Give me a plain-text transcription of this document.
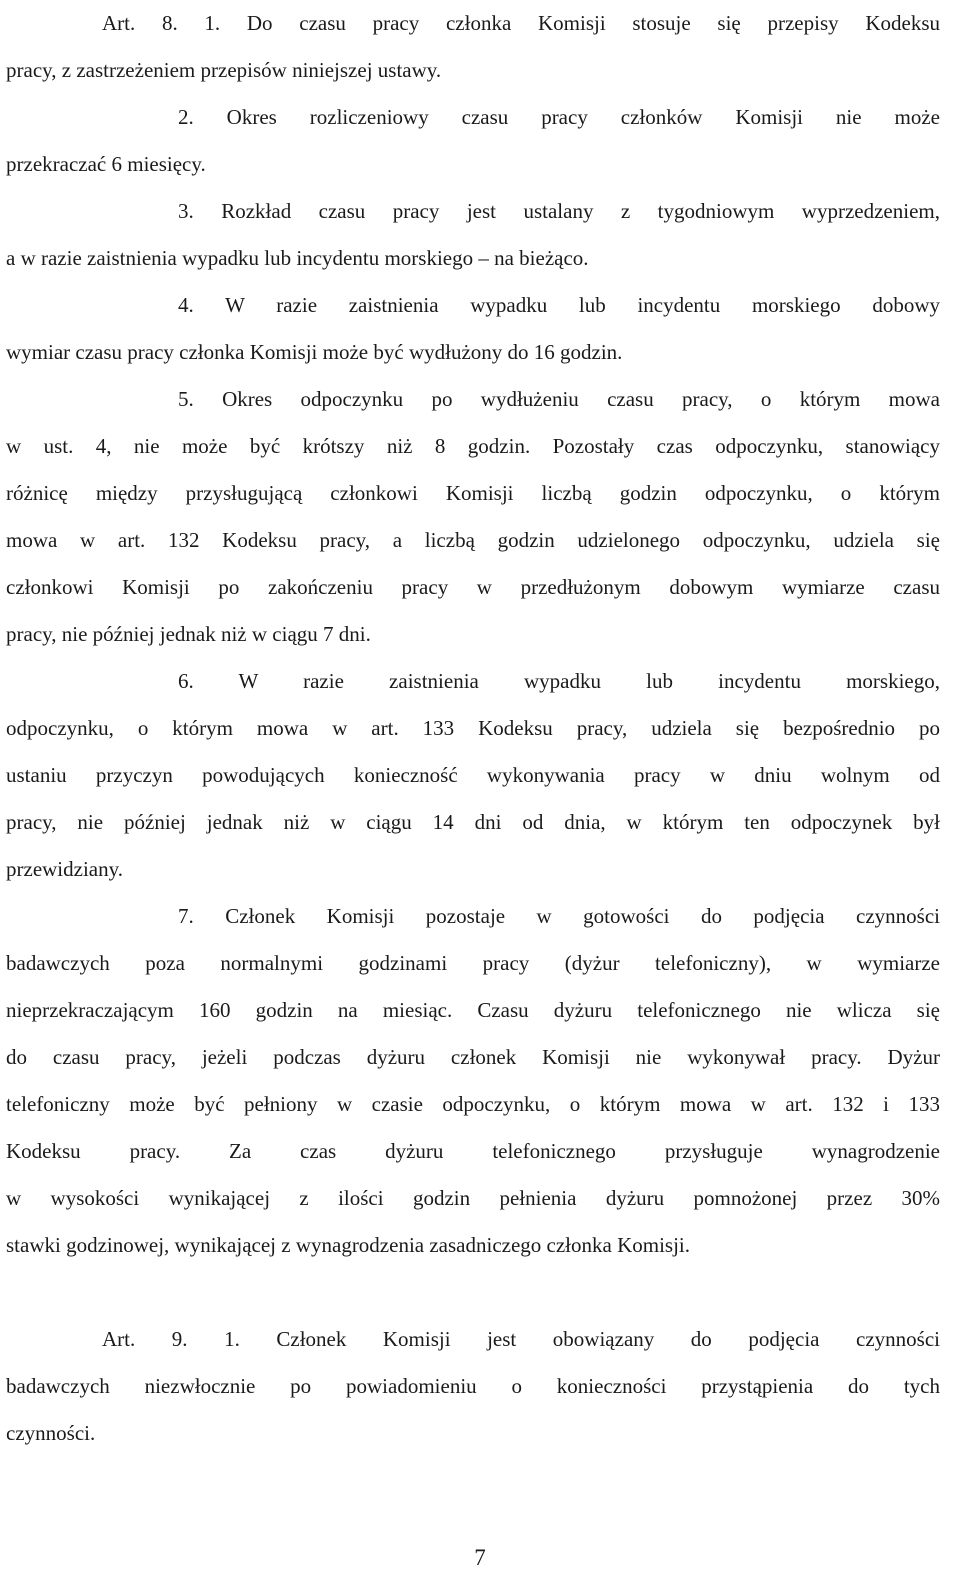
Art. 8. 1. Do czasu pracy członka Komisji stosuje się przepisy Kodeksu
pracy, z zastrzeżeniem przepisów niniejszej ustawy.
2. Okres rozliczeniowy czasu pracy członków Komisji nie może
przekraczać 6 miesięcy.
3. Rozkład czasu pracy jest ustalany z tygodniowym wyprzedzeniem,
a w razie zaistnienia wypadku lub incydentu morskiego – na bieżąco.
4. W razie zaistnienia wypadku lub incydentu morskiego dobowy
wymiar czasu pracy członka Komisji może być wydłużony do 16 godzin.
5. Okres odpoczynku po wydłużeniu czasu pracy, o którym mowa
w ust. 4, nie może być krótszy niż 8 godzin. Pozostały czas odpoczynku, stanowiący
różnicę między przysługującą członkowi Komisji liczbą godzin odpoczynku, o którym
mowa w art. 132 Kodeksu pracy, a liczbą godzin udzielonego odpoczynku, udziela się
członkowi Komisji po zakończeniu pracy w przedłużonym dobowym wymiarze czasu
pracy, nie później jednak niż w ciągu 7 dni.
6. W razie zaistnienia wypadku lub incydentu morskiego,
odpoczynku, o którym mowa w art. 133 Kodeksu pracy, udziela się bezpośrednio po
ustaniu przyczyn powodujących konieczność wykonywania pracy w dniu wolnym od
pracy, nie później jednak niż w ciągu 14 dni od dnia, w którym ten odpoczynek był
przewidziany.
7. Członek Komisji pozostaje w gotowości do podjęcia czynności
badawczych poza normalnymi godzinami pracy (dyżur telefoniczny), w wymiarze
nieprzekraczającym 160 godzin na miesiąc. Czasu dyżuru telefonicznego nie wlicza się
do czasu pracy, jeżeli podczas dyżuru członek Komisji nie wykonywał pracy. Dyżur
telefoniczny może być pełniony w czasie odpoczynku, o którym mowa w art. 132 i 133
Kodeksu pracy. Za czas dyżuru telefonicznego przysługuje wynagrodzenie
w wysokości wynikającej z ilości godzin pełnienia dyżuru pomnożonej przez 30%
stawki godzinowej, wynikającej z wynagrodzenia zasadniczego członka Komisji.
Art. 9. 1. Członek Komisji jest obowiązany do podjęcia czynności
badawczych niezwłocznie po powiadomieniu o konieczności przystąpienia do tych
czynności.
7
